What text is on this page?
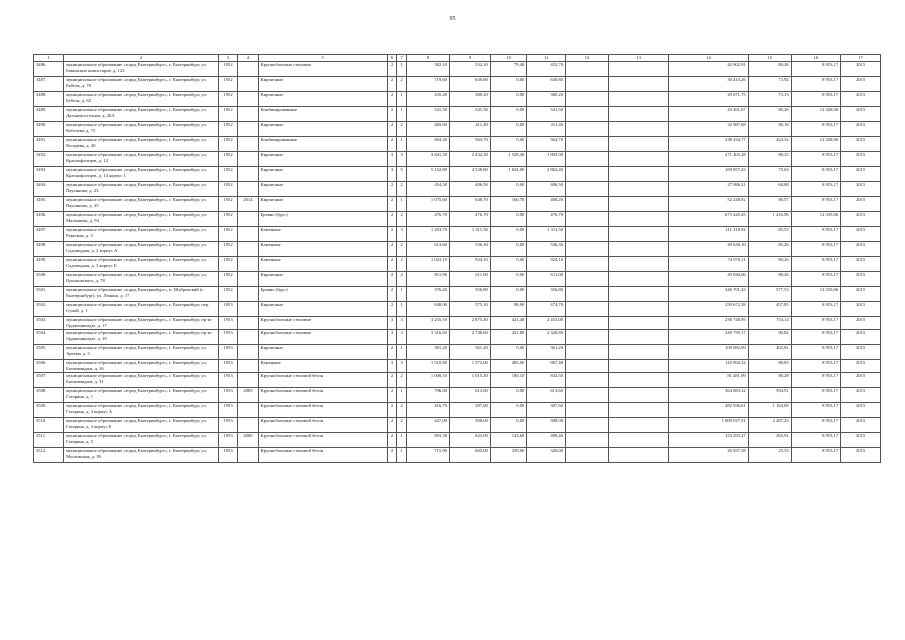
95
1	2	3	4	5	6	7	8	9	10	11	12	13	14	15	16	17
3486.	муниципальное образование «город Екатеринбург», г. Екатеринбург, ул. Бакинских комиссаров, д. 123	1952		Крупноблочные стеновые	2	1	582,10	532,10	79,40	452,70			42 902,91	80,26	8 953,17	2015
3487.	муниципальное образование «город Екатеринбург», г. Екатеринбург, ул. Бебеля, д. 70	1952		Кирпичные	2	2	719,60	630,80	0,00	630,80			30 413,26	73,92	8 953,17	2015
3488.	муниципальное образование «город Екатеринбург», г. Екатеринбург, ул. Бебеля, д. 82	1952		Кирпичные	2	1	435,20	380,20	0,00	380,20			29 071,75	73,13	8 953,17	2015
3489.	муниципальное образование «город Екатеринбург», г. Екатеринбург, ул. Дальневосточная, д. 26А	1952		Комбинированные	2	1	541,50	541,50	0,00	541,50			43 461,07	80,26	12 328,00	2015
3490.	муниципальное образование «город Екатеринбург», г. Екатеринбург, ул. Кобозева, д. 75	1952		Кирпичные	2	2	465,00	411,40	0,00	411,40			32 987,68	80,18	8 953,17	2015
3491.	муниципальное образование «город Екатеринбург», г. Екатеринбург, ул. Косарева, д. 20	1952		Комбинированные	2	1	604,30	564,70	0,00	564,70			238 434,77	424,32	12 328,00	2015
3492.	муниципальное образование «город Екатеринбург», г. Екатеринбург, ул. Краснофлотцев, д. 12	1952		Кирпичные	3	3	3 841,30	2 432,30	1 528,40	1 903,90			271 403,28	80,25	8 953,17	2015
3493.	муниципальное образование «город Екатеринбург», г. Екатеринбург, ул. Краснофлотцев, д. 14 корпус 1	1952		Кирпичные	3	5	5 152,80	4 528,80	1 654,00	2 862,40			169 857,43	75,63	8 953,17	2015
3494.	муниципальное образование «город Екатеринбург», г. Екатеринбург, ул. Паулинова, д. 23	1952		Кирпичные	2	2	454,50	406,50	0,00	406,50			27 986,21	68,88	8 953,17	2015
3495.	муниципальное образование «город Екатеринбург», г. Екатеринбург, ул. Паулинова, д. 35	1952	2014	Кирпичные	2	1	1 075,60	648,70	160,70	488,20			52 248,92	80,57	8 953,17	2015
3496.	муниципальное образование «город Екатеринбург», г. Екатеринбург, ул. Малышева, д. 94	1952		Бревно (брус)	2	2	476,70	476,70	0,00	476,70			673 445,45	1 416,96	12 335,06	2015
3497.	муниципальное образование «город Екатеринбург», г. Екатеринбург, ул. Ракетная, д. 3	1952		Каменные	2	3	1 453,70	1 311,50	0,00	1 311,50			111 318,92	85,53	8 953,17	2015
3498.	муниципальное образование «город Екатеринбург», г. Екатеринбург, ул. Садоводная, д. 3 корпус А	1952		Каменные	2	2	613,60	536,30	0,00	536,30			49 638,10	85,26	8 953,17	2015
3499.	муниципальное образование «город Екатеринбург», г. Екатеринбург, ул. Садоводная, д. 3 корпус Б	1952		Каменные	2	2	1 023,19	924,10	0,00	924,10			74 070,11	80,26	8 953,17	2015
3500.	муниципальное образование «город Екатеринбург», г. Екатеринбург, ул. Циолковского, д. 78	1952		Кирпичные	2	2	811,96	611,00	0,00	611,00			49 040,06	80,26	8 953,17	2015
3501.	муниципальное образование «город Екатеринбург», п. Шабровский (г. Екатеринбург), ул. Ленина, д. 17	1952		Бревно (брус)	2	1	376,20	356,80	0,00	356,80			346 701,43	577,53	12 335,06	2015
3502.	муниципальное образование «город Екатеринбург», г. Екатеринбург, пер. Суной, д. 1	1953		Кирпичные	2	1	848,90	575,10	98,90	474,70			259 672,58	457,85	8 953,17	2015
3503.	муниципальное образование «город Екатеринбург», г. Екатеринбург, пр-кт Орджоникидзе, д. 17	1953		Крупноблочные стеновые	3	3	3 255,10	2 875,40	421,40	2 453,00			230 748,95	754,14	8 953,17	2015
3504.	муниципальное образование «город Екатеринбург», г. Екатеринбург, пр-кт Орджоникидзе, д. 19	1953		Крупноблочные стеновые	3	3	3 316,60	2 748,60	421,80	2 326,80			249 759,17	90,82	8 953,17	2015
3505.	муниципальное образование «город Екатеринбург», г. Екатеринбург, ул. Артема, д. 3	1953		Кирпичные	2	1	391,20	361,20	0,00	361,20			100 082,09	402,81	8 953,17	2015
3506.	муниципальное образование «город Екатеринбург», г. Екатеринбург, ул. Бахчиванджи, д. 16	1953		Каменные	3	3	1 510,80	1 372,00	405,00	967,40			110 994,32	80,83	8 953,17	2015
3507.	муниципальное образование «город Екатеринбург», г. Екатеринбург, ул. Бахчиванджи, д. 31	1953		Крупноблочные стеновой бетон	2	2	1 008,10	1 015,20	180,10	834,50			81 481,99	80,28	8 953,17	2015
3508.	муниципальное образование «город Екатеринбург», г. Екатеринбург, ул. Гагарина, д. 1	1953	2009	Крупноблочные стеновой бетон	2	1	796,00	613,60	0,00	613,60			364 683,32	594,91	8 953,17	2015
3509.	муниципальное образование «город Екатеринбург», г. Екатеринбург, ул. Гагарина, д. 3 корпус А	1953		Крупноблочные стеновой бетон	2	2	416,70	387,60	0,00	387,60			482 936,61	1 164,69	8 953,17	2015
3510.	муниципальное образование «город Екатеринбург», г. Екатеринбург, ул. Гагарина, д. 3 корпус Б	1953		Крупноблочные стеновой бетон	2	2	427,00	398,00	0,00	398,00			1 009 027,91	2 287,23	8 953,17	2015
3511.	муниципальное образование «город Екатеринбург», г. Екатеринбург, ул. Гагарина, д. 5	1953	2006	Крупноблочные стеновой бетон	2	1	893,30	623,00	123,60	499,40			153 293,27	265,91	8 953,17	2015
3512.	муниципальное образование «город Екатеринбург», г. Екатеринбург, ул. Московская, д. 39	1953		Крупноблочные стеновой бетон	2	1	715,90	665,00	339,06	326,00			26 937,38	25,33	8 953,17	2015
